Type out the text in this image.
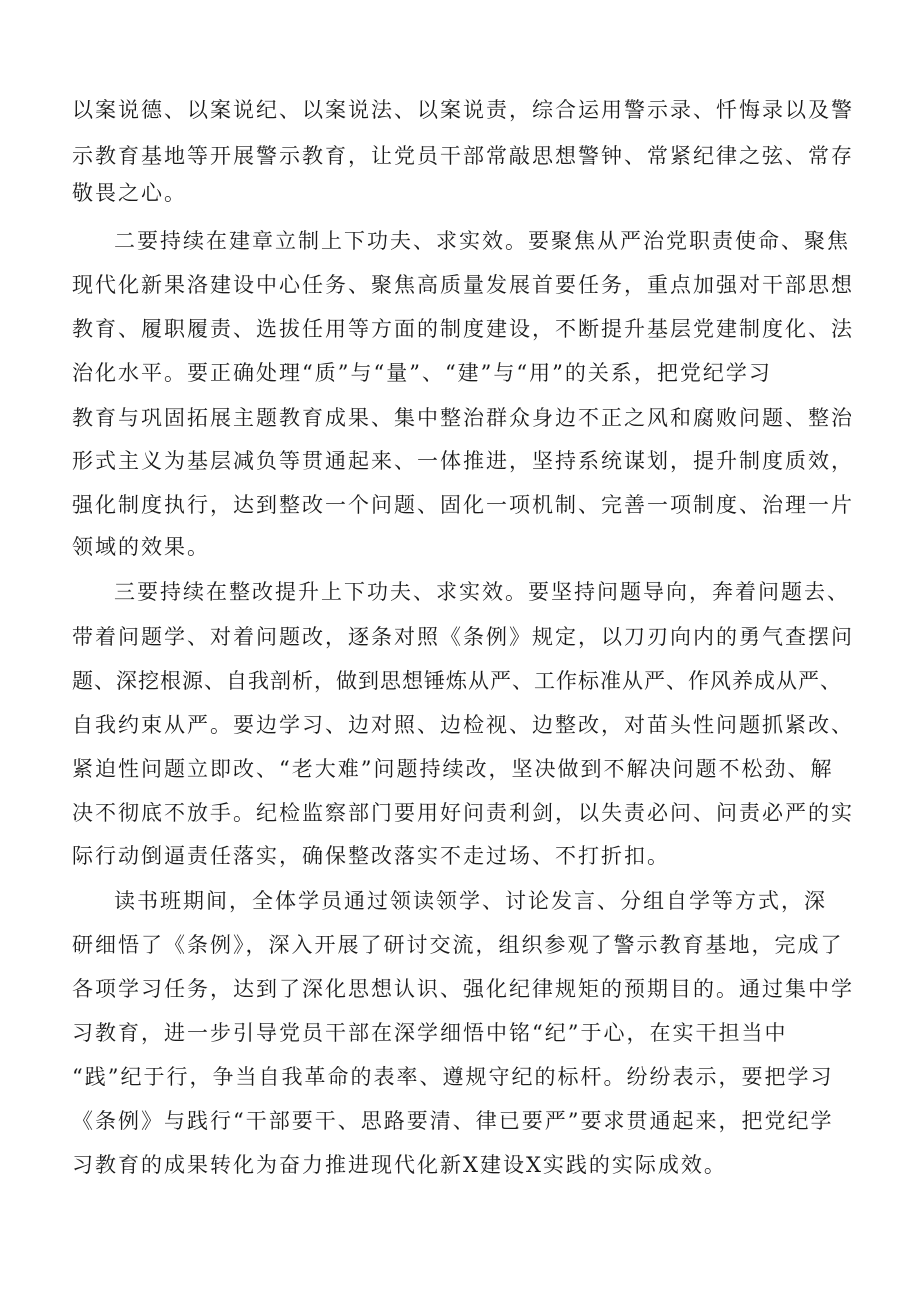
以案说德、以案说纪、以案说法、以案说责，综合运用警示录、忏悔录以及警

示教育基地等开展警示教育，让党员干部常敲思想警钟、常紧纪律之弦、常存

敬畏之心。

二要持续在建章立制上下功夫、求实效。要聚焦从严治党职责使命、聚焦

现代化新果洛建设中心任务、聚焦高质量发展首要任务，重点加强对干部思想

教育、履职履责、选拔任用等方面的制度建设，不断提升基层党建制度化、法

治化水平。要正确处理“质”与“量”、“建”与“用”的关系，把党纪学习

教育与巩固拓展主题教育成果、集中整治群众身边不正之风和腐败问题、整治

形式主义为基层减负等贯通起来、一体推进，坚持系统谋划，提升制度质效，

强化制度执行，达到整改一个问题、固化一项机制、完善一项制度、治理一片

领域的效果。

三要持续在整改提升上下功夫、求实效。要坚持问题导向，奔着问题去、

带着问题学、对着问题改，逐条对照《条例》规定，以刀刃向内的勇气查摆问

题、深挖根源、自我剖析，做到思想锤炼从严、工作标准从严、作风养成从严、

自我约束从严。要边学习、边对照、边检视、边整改，对苗头性问题抓紧改、

紧迫性问题立即改、“老大难”问题持续改，坚决做到不解决问题不松劲、解

决不彻底不放手。纪检监察部门要用好问责利剑，以失责必问、问责必严的实

际行动倒逼责任落实，确保整改落实不走过场、不打折扣。

读书班期间，全体学员通过领读领学、讨论发言、分组自学等方式，深

研细悟了《条例》，深入开展了研讨交流，组织参观了警示教育基地，完成了

各项学习任务，达到了深化思想认识、强化纪律规矩的预期目的。通过集中学

习教育，进一步引导党员干部在深学细悟中铭“纪”于心，在实干担当中

“践”纪于行，争当自我革命的表率、遵规守纪的标杆。纷纷表示，要把学习

《条例》与践行“干部要干、思路要清、律已要严”要求贯通起来，把党纪学

习教育的成果转化为奋力推进现代化新X建设X实践的实际成效。
